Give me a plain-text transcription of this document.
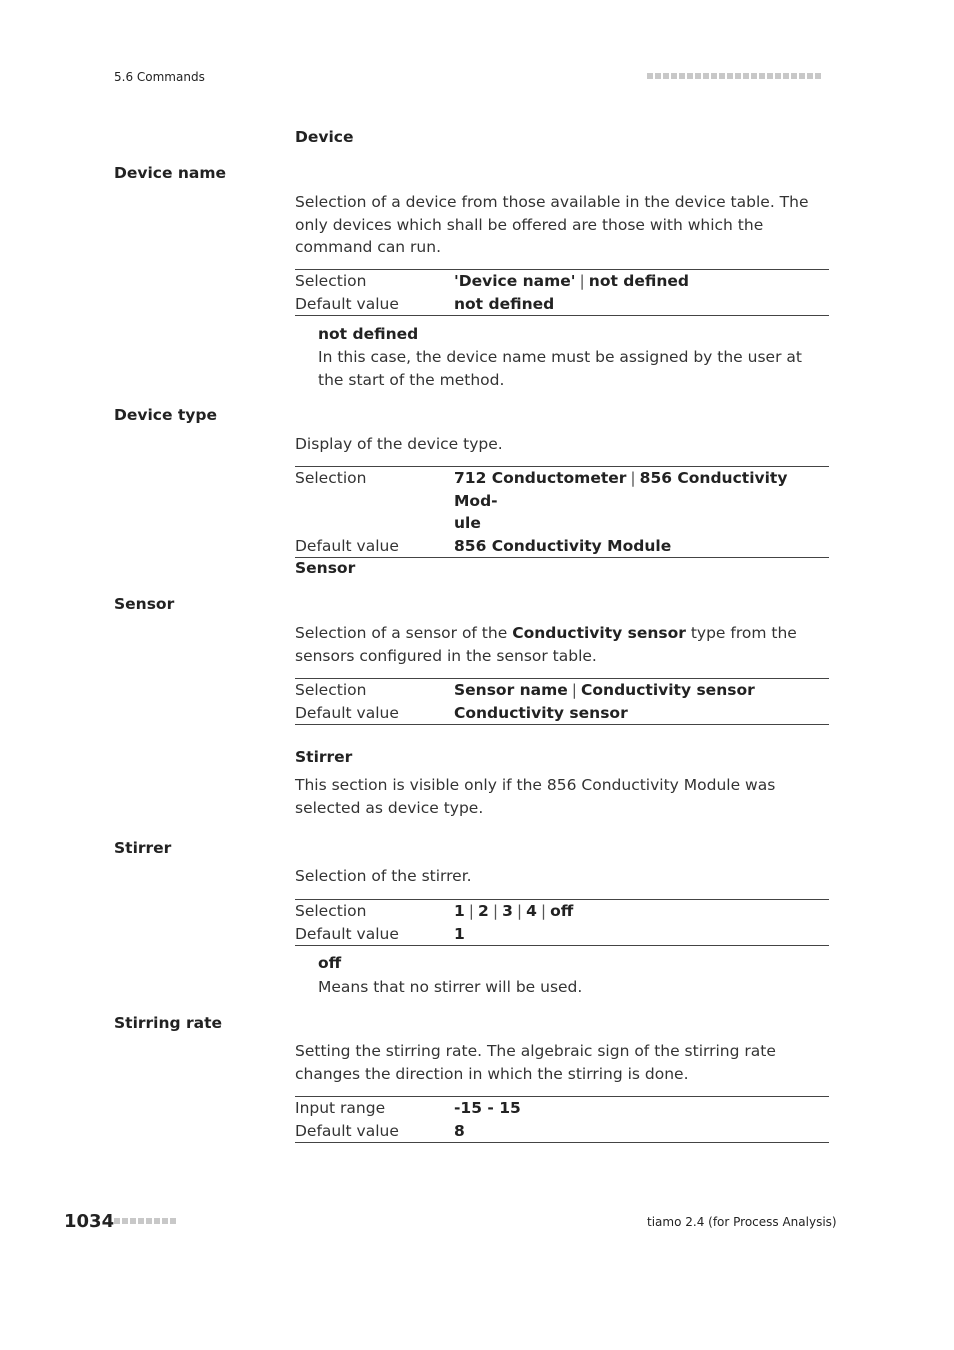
5.6 Commands
Device
Device name
Selection of a device from those available in the device table. The only devices which shall be offered are those with which the command can run.
Selection	'Device name' | not defined
Default value	not defined
not defined
In this case, the device name must be assigned by the user at the start of the method.
Device type
Display of the device type.
Selection	712 Conductometer | 856 Conductivity Mod-
ule
Default value	856 Conductivity Module
Sensor
Sensor
Selection of a sensor of the Conductivity sensor type from the sensors configured in the sensor table.
Selection	Sensor name | Conductivity sensor
Default value	Conductivity sensor
Stirrer
This section is visible only if the 856 Conductivity Module was selected as device type.
Stirrer
Selection of the stirrer.
Selection	1 | 2 | 3 | 4 | off
Default value	1
off
Means that no stirrer will be used.
Stirring rate
Setting the stirring rate. The algebraic sign of the stirring rate changes the direction in which the stirring is done.
Input range	-15 - 15
Default value	8
1034	tiamo 2.4 (for Process Analysis)
